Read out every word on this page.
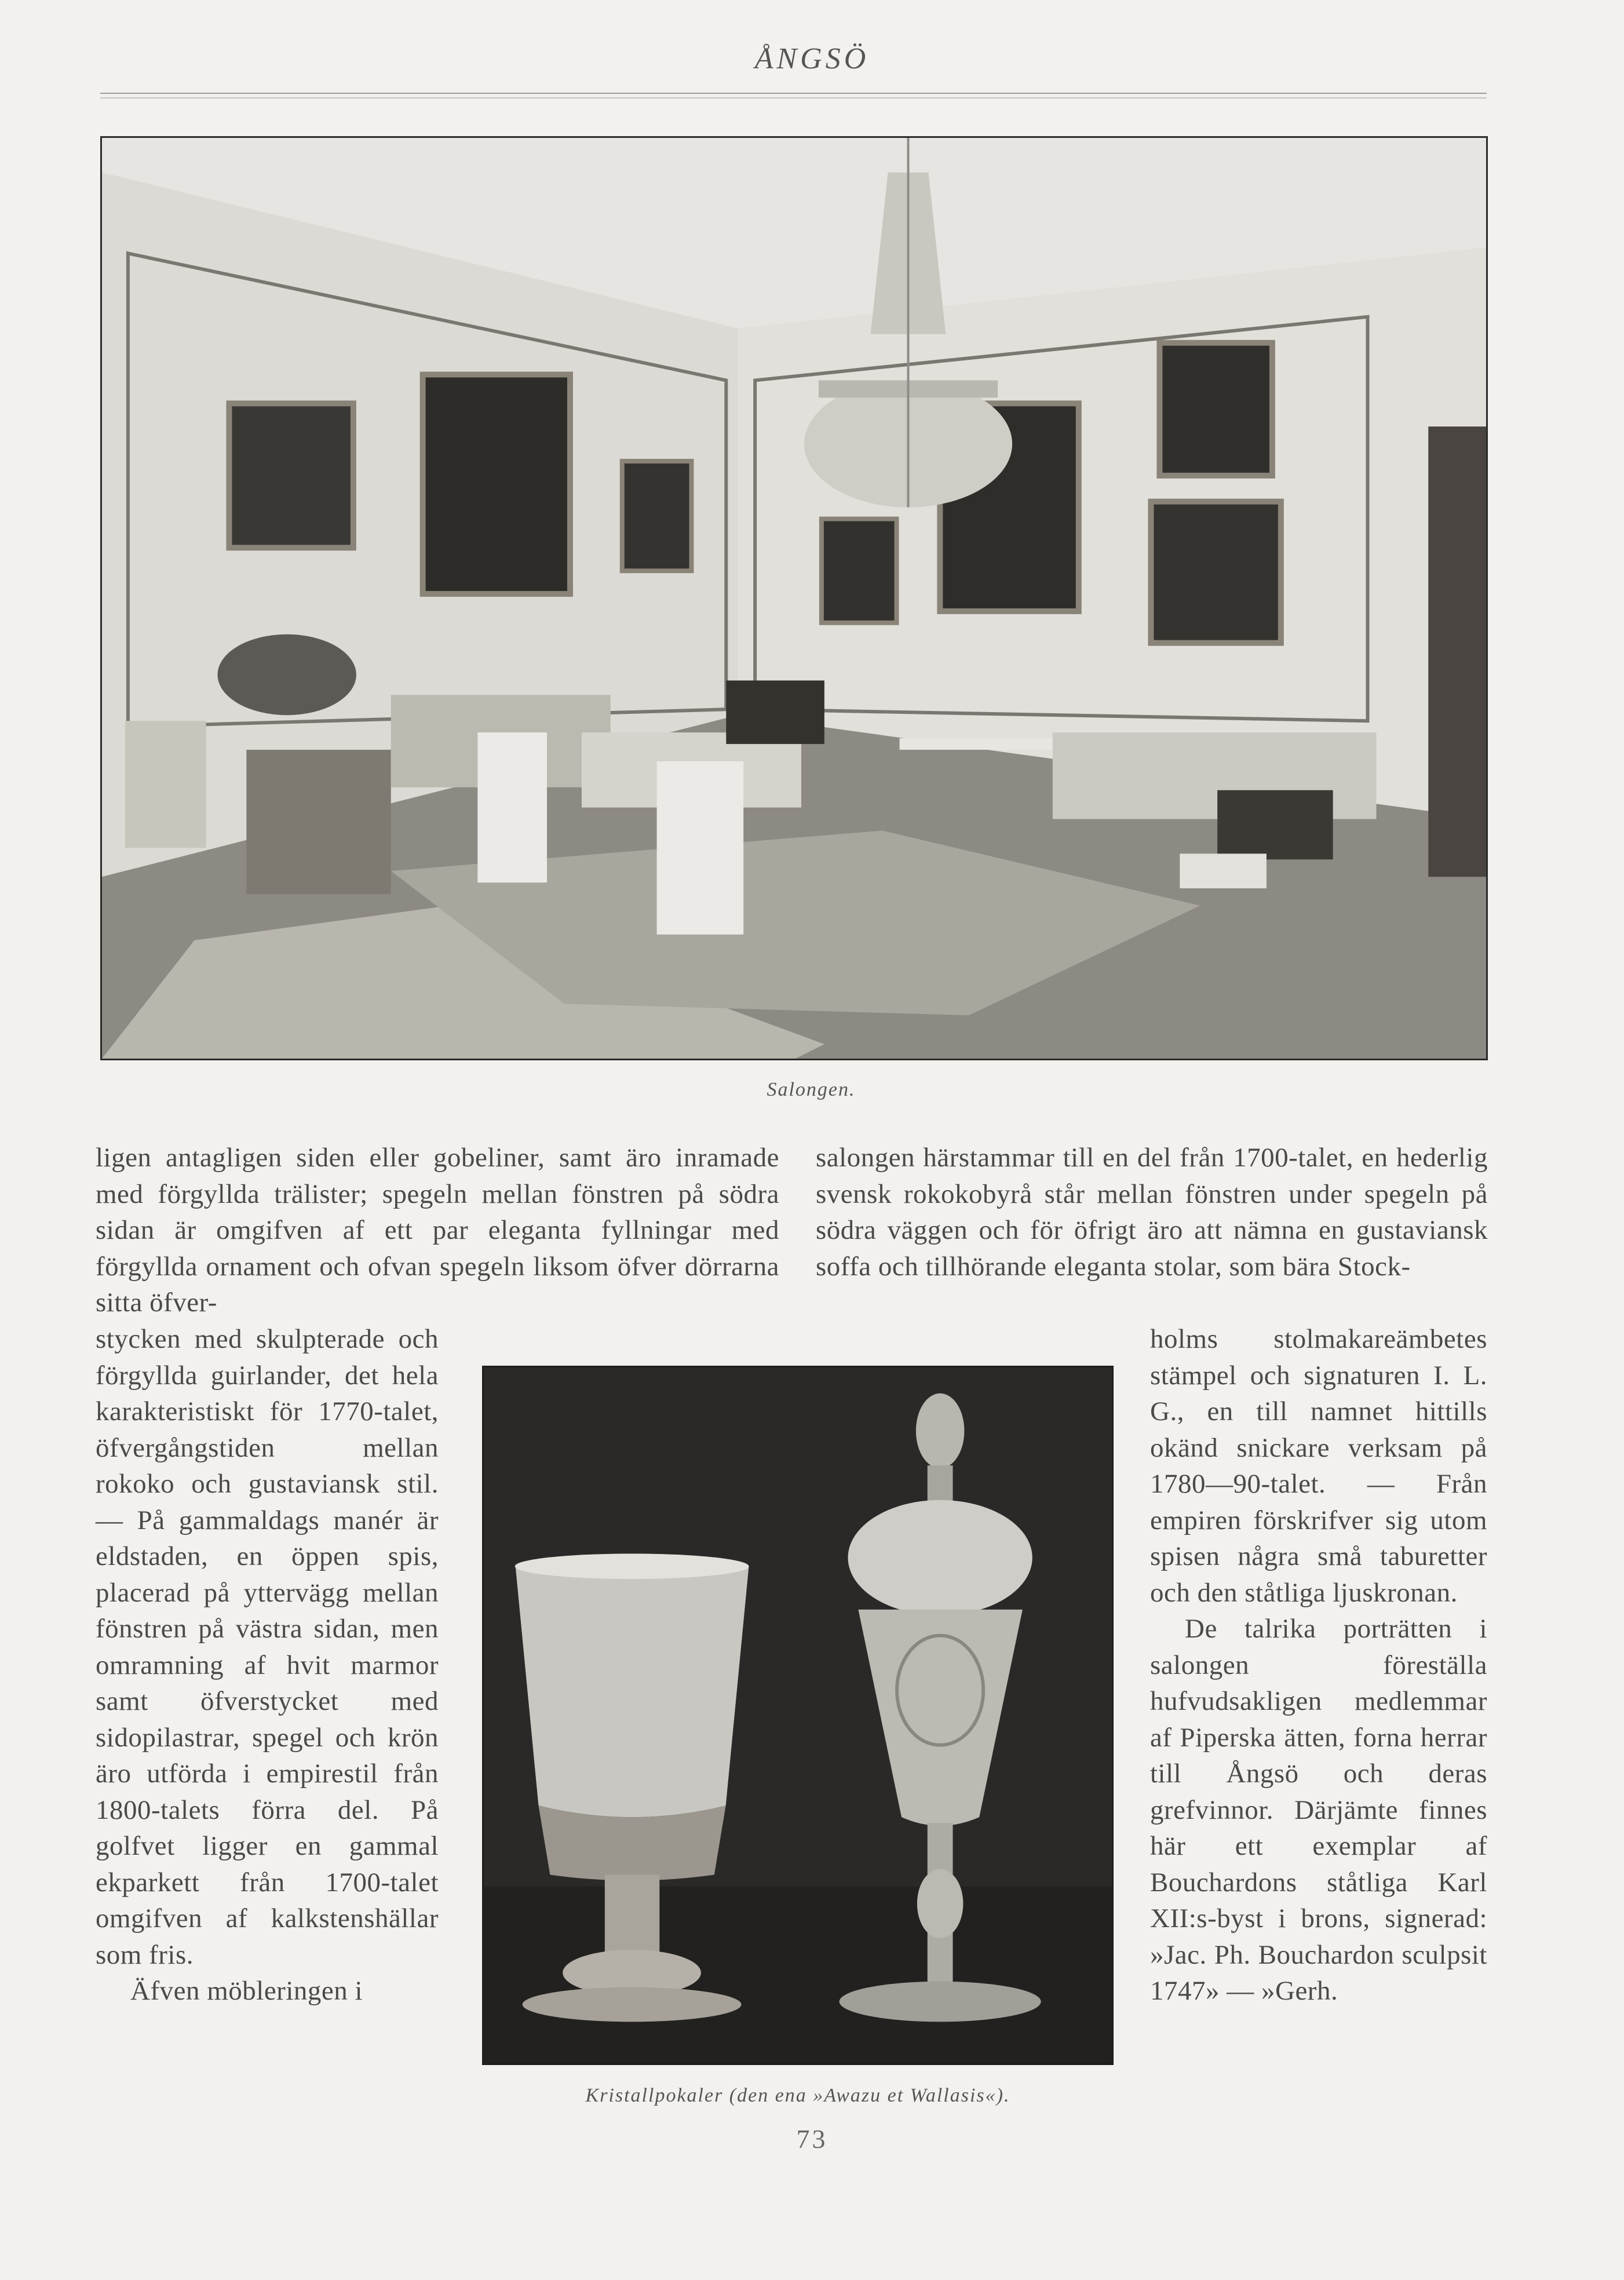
ÅNGSÖ
Salongen.

ligen antagligen siden eller gobeliner, samt äro inramade med förgyllda trälister; spegeln mellan fönstren på södra sidan är omgifven af ett par eleganta fyllningar med förgyllda ornament och ofvan spegeln liksom öfver dörrarna sitta öfver-

salongen härstammar till en del från 1700-talet, en hederlig svensk rokokobyrå står mellan fönstren under spegeln på södra väggen och för öfrigt äro att nämna en gustaviansk soffa och tillhörande eleganta stolar, som bära Stock-

stycken med skulpterade och förgyllda guirlander, det hela karakteristiskt för 1770-talet, öfvergångstiden mellan rokoko och gustaviansk stil. — På gammaldags manér är eldstaden, en öppen spis, placerad på yttervägg mellan fönstren på västra sidan, men omramning af hvit marmor samt öfverstycket med sidopilastrar, spegel och krön äro utförda i empirestil från 1800-talets förra del. På golfvet ligger en gammal ekparkett från 1700-talet omgifven af kalkstenshällar som fris.

Äfven möbleringen i

Kristallpokaler (den ena »Awazu et Wallasis«).

holms stolmakareämbetes stämpel och signaturen I. L. G., en till namnet hittills okänd snickare verksam på 1780—90-talet. — Från empiren förskrifver sig utom spisen några små taburetter och den ståtliga ljuskronan.

De talrika porträtten i salongen föreställa hufvudsakligen medlemmar af Piperska ätten, forna herrar till Ångsö och deras grefvinnor. Därjämte finnes här ett exemplar af Bouchardons ståtliga Karl XII:s-byst i brons, signerad: »Jac. Ph. Bouchardon sculpsit 1747» — »Gerh.

73
